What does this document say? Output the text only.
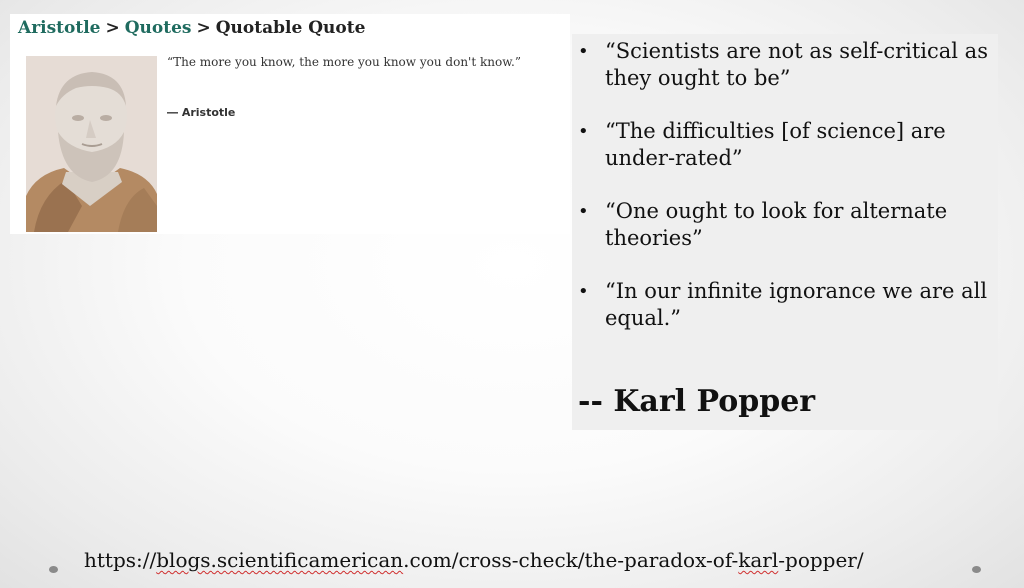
Aristotle > Quotes > Quotable Quote
“The more you know, the more you know you don't know.”
― Aristotle
• “Scientists are not as self-critical as they ought to be”
• “The difficulties [of science] are under-rated”
• “One ought to look for alternate theories”
• “In our infinite ignorance we are all equal.”
-- Karl Popper
https://blogs.scientificamerican.com/cross-check/the-paradox-of-karl-popper/
